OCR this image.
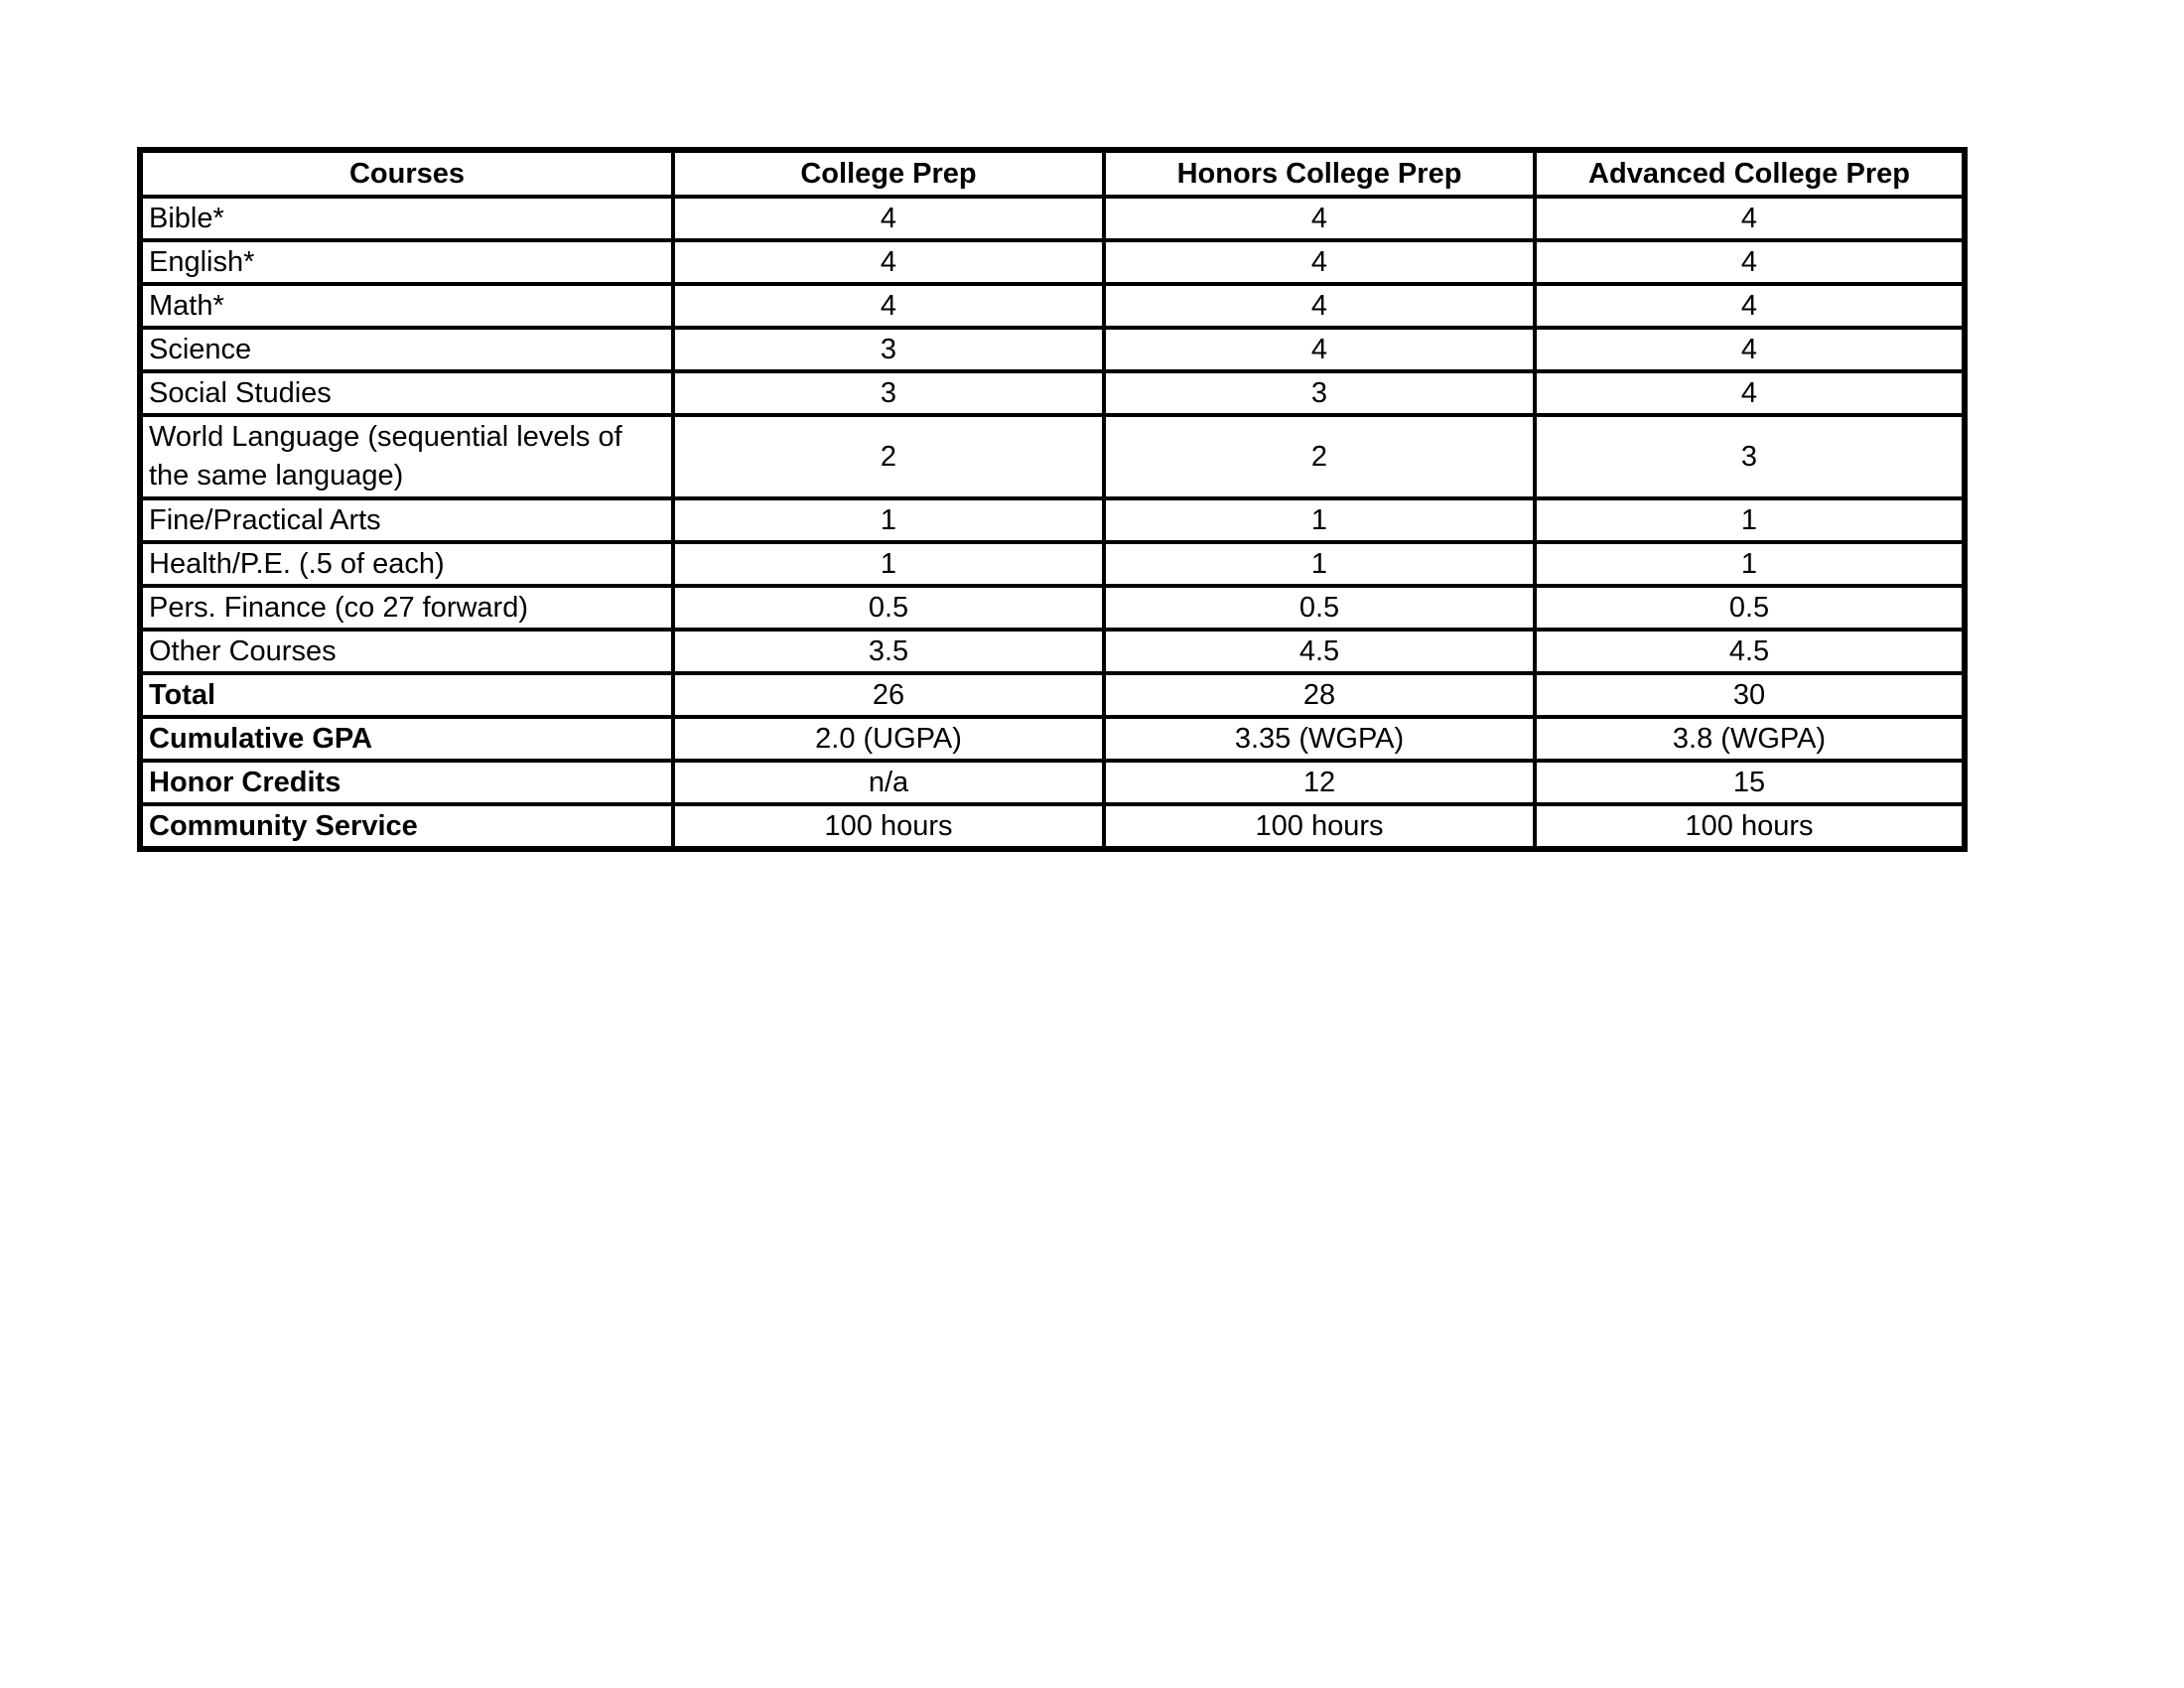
Courses	College Prep	Honors College Prep	Advanced College Prep
Bible*	4	4	4
English*	4	4	4
Math*	4	4	4
Science	3	4	4
Social Studies	3	3	4
World Language (sequential levels of the same language)	2	2	3
Fine/Practical Arts	1	1	1
Health/P.E. (.5 of each)	1	1	1
Pers. Finance (co 27 forward)	0.5	0.5	0.5
Other Courses	3.5	4.5	4.5
Total	26	28	30
Cumulative GPA	2.0 (UGPA)	3.35 (WGPA)	3.8 (WGPA)
Honor Credits	n/a	12	15
Community Service	100 hours	100 hours	100 hours
